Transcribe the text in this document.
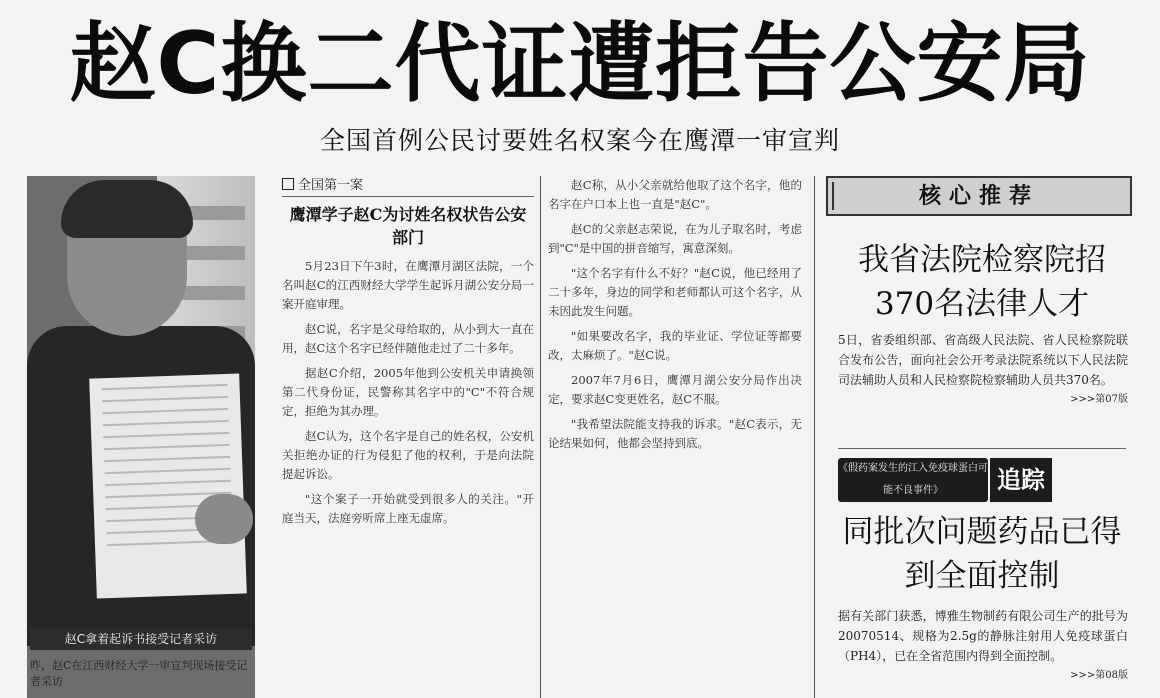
赵C换二代证遭拒告公安局
全国首例公民讨要姓名权案今在鹰潭一审宣判
赵C拿着起诉书接受记者采访
昨，赵C在江西财经大学一审宣判现场接受记者采访
全国第一案
鹰潭学子赵C为讨姓名权状告公安部门

5月23日下午3时，在鹰潭月湖区法院，一个名叫赵C的江西财经大学学生起诉月湖公安分局一案开庭审理。

赵C说，名字是父母给取的，从小到大一直在用，赵C这个名字已经伴随他走过了二十多年。

据赵C介绍，2005年他到公安机关申请换领第二代身份证，民警称其名字中的"C"不符合规定，拒绝为其办理。

赵C认为，这个名字是自己的姓名权，公安机关拒绝办证的行为侵犯了他的权利，于是向法院提起诉讼。

"这个案子一开始就受到很多人的关注。"开庭当天，法庭旁听席上座无虚席。

赵C称，从小父亲就给他取了这个名字，他的名字在户口本上也一直是"赵C"。

赵C的父亲赵志荣说，在为儿子取名时，考虑到"C"是中国的拼音缩写，寓意深刻。

"这个名字有什么不好？"赵C说，他已经用了二十多年，身边的同学和老师都认可这个名字，从未因此发生问题。

"如果要改名字，我的毕业证、学位证等都要改，太麻烦了。"赵C说。

2007年7月6日，鹰潭月湖公安分局作出决定，要求赵C变更姓名，赵C不服。

"我希望法院能支持我的诉求。"赵C表示，无论结果如何，他都会坚持到底。

核心推荐
我省法院检察院招370名法律人才
5日，省委组织部、省高级人民法院、省人民检察院联合发布公告，面向社会公开考录法院系统以下人民法院司法辅助人员和人民检察院检察辅助人员共370名。
>>>第07版
《假药案发生的江入免疫球蛋白可能不良事件》	追踪
同批次问题药品已得到全面控制
据有关部门获悉，博雅生物制药有限公司生产的批号为20070514、规格为2.5g的静脉注射用人免疫球蛋白（PH4），已在全省范围内得到全面控制。
>>>第08版
